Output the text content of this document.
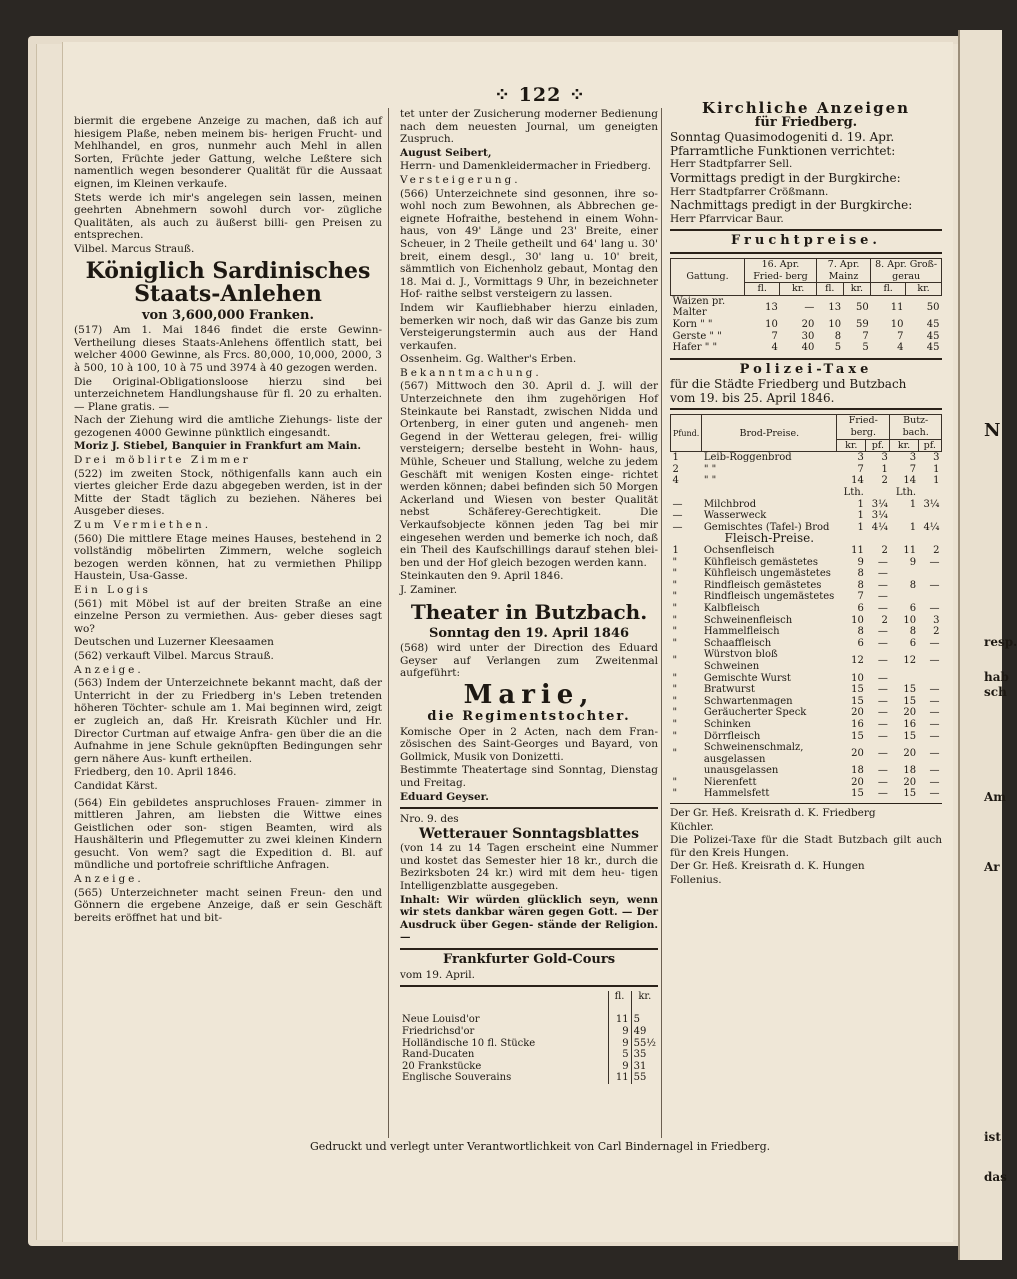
N
resp.
hab
sch
Am
Ar
ist
das
⁘ 122 ⁘

biermit die ergebene Anzeige zu machen, daß ich auf hiesigem Plaße, neben meinem bis- herigen Frucht- und Mehlhandel, en gros, nunmehr auch Mehl in allen Sorten, Früchte jeder Gattung, welche Leßtere sich namentlich wegen besonderer Qualität für die Aussaat eignen, im Kleinen verkaufe.

Stets werde ich mir's angelegen sein lassen, meinen geehrten Abnehmern sowohl durch vor- zügliche Qualitäten, als auch zu äußerst billi- gen Preisen zu entsprechen.

Vilbel. Marcus Strauß.

Königlich Sardinisches Staats-Anlehen
von 3,600,000 Franken.

(517) Am 1. Mai 1846 findet die erste Gewinn-Vertheilung dieses Staats-Anlehens öffentlich statt, bei welcher 4000 Gewinne, als Frcs. 80,000, 10,000, 2000, 3 à 500, 10 à 100, 10 à 75 und 3974 à 40 gezogen werden.

Die Original-Obligationsloose hierzu sind bei unterzeichnetem Handlungshause für fl. 20 zu erhalten. — Plane gratis. —

Nach der Ziehung wird die amtliche Ziehungs- liste der gezogenen 4000 Gewinne pünktlich eingesandt.

Moriz J. Stiebel, Banquier in Frankfurt am Main.

Drei möblirte Zimmer

(522) im zweiten Stock, nöthigenfalls kann auch ein viertes gleicher Erde dazu abgegeben werden, ist in der Mitte der Stadt täglich zu beziehen. Näheres bei Ausgeber dieses.

Zum Vermiethen.

(560) Die mittlere Etage meines Hauses, bestehend in 2 vollständig möbelirten Zimmern, welche sogleich bezogen werden können, hat zu vermiethen Philipp Haustein, Usa-Gasse.

Ein Logis

(561) mit Möbel ist auf der breiten Straße an eine einzelne Person zu vermiethen. Aus- geber dieses sagt wo?

Deutschen und Luzerner Kleesaamen

(562) verkauft Vilbel. Marcus Strauß.

Anzeige.

(563) Indem der Unterzeichnete bekannt macht, daß der Unterricht in der zu Friedberg in's Leben tretenden höheren Töchter- schule am 1. Mai beginnen wird, zeigt er zugleich an, daß Hr. Kreisrath Küchler und Hr. Director Curtman auf etwaige Anfra- gen über die an die Aufnahme in jene Schule geknüpften Bedingungen sehr gern nähere Aus- kunft ertheilen.

Friedberg, den 10. April 1846.

Candidat Kärst.

(564) Ein gebildetes anspruchloses Frauen- zimmer in mittleren Jahren, am liebsten die Wittwe eines Geistlichen oder son- stigen Beamten, wird als Haushälterin und Pflegemutter zu zwei kleinen Kindern gesucht. Von wem? sagt die Expedition d. Bl. auf mündliche und portofreie schriftliche Anfragen.

Anzeige.

(565) Unterzeichneter macht seinen Freun- den und Gönnern die ergebene Anzeige, daß er sein Geschäft bereits eröffnet hat und bit-

tet unter der Zusicherung moderner Bedienung nach dem neuesten Journal, um geneigten Zuspruch.

August Seibert,

Herrn- und Damenkleidermacher in Friedberg.

Versteigerung.

(566) Unterzeichnete sind gesonnen, ihre so- wohl noch zum Bewohnen, als Abbrechen ge- eignete Hofraithe, bestehend in einem Wohn- haus, von 49' Länge und 23' Breite, einer Scheuer, in 2 Theile getheilt und 64' lang u. 30' breit, einem desgl., 30' lang u. 10' breit, sämmtlich von Eichenholz gebaut, Montag den 18. Mai d. J., Vormittags 9 Uhr, in bezeichneter Hof- raithe selbst versteigern zu lassen.

Indem wir Kaufliebhaber hierzu einladen, bemerken wir noch, daß wir das Ganze bis zum Versteigerungstermin auch aus der Hand verkaufen.

Ossenheim. Gg. Walther's Erben.

Bekanntmachung.

(567) Mittwoch den 30. April d. J. will der Unterzeichnete den ihm zugehörigen Hof Steinkaute bei Ranstadt, zwischen Nidda und Ortenberg, in einer guten und angeneh- men Gegend in der Wetterau gelegen, frei- willig versteigern; derselbe besteht in Wohn- haus, Mühle, Scheuer und Stallung, welche zu jedem Geschäft mit wenigen Kosten einge- richtet werden können; dabei befinden sich 50 Morgen Ackerland und Wiesen von bester Qualität nebst Schäferey-Gerechtigkeit. Die Verkaufsobjecte können jeden Tag bei mir eingesehen werden und bemerke ich noch, daß ein Theil des Kaufschillings darauf stehen blei- ben und der Hof gleich bezogen werden kann.

Steinkauten den 9. April 1846.

J. Zaminer.

Theater in Butzbach.
Sonntag den 19. April 1846

(568) wird unter der Direction des Eduard Geyser auf Verlangen zum Zweitenmal aufgeführt:

Marie,
die Regimentstochter.

Komische Oper in 2 Acten, nach dem Fran- zösischen des Saint-Georges und Bayard, von Gollmick, Musik von Donizetti.

Bestimmte Theatertage sind Sonntag, Dienstag und Freitag.

Eduard Geyser.

Nro. 9. des

Wetterauer Sonntagsblattes

(von 14 zu 14 Tagen erscheint eine Nummer und kostet das Semester hier 18 kr., durch die Bezirksboten 24 kr.) wird mit dem heu- tigen Intelligenzblatte ausgegeben.

Inhalt: Wir würden glücklich seyn, wenn wir stets dankbar wären gegen Gott. — Der Ausdruck über Gegen- stände der Religion. —

Frankfurter Gold-Cours

vom 19. April.

	fl.	kr.

Neue Louisd'or	11	5
Friedrichsd'or	9	49
Holländische 10 fl. Stücke	9	55½
Rand-Ducaten	5	35
20 Frankstücke	9	31
Englische Souverains	11	55
Kirchliche Anzeigen
für Friedberg.

Sonntag Quasimodogeniti d. 19. Apr.

Pfarramtliche Funktionen verrichtet:

Herr Stadtpfarrer Sell.

Vormittags predigt in der Burgkirche:

Herr Stadtpfarrer Crößmann.

Nachmittags predigt in der Burgkirche:

Herr Pfarrvicar Baur.

Fruchtpreise.
Gattung.	16. Apr. Fried- berg		7. Apr. Mainz		8. Apr. Groß- gerau	
	fl.	kr.	fl.	kr.	fl.	kr.
Waizen pr. Malter	13	—	13	50	11	50
Korn " "	10	20	10	59	10	45
Gerste " "	7	30	8	7	7	45
Hafer " "	4	40	5	5	4	45
Polizei-Taxe

für die Städte Friedberg und Butzbach

vom 19. bis 25. April 1846.

Pfund.	Brod-Preise.	Fried- berg.		Butz- bach.	
		kr.	pf.	kr.	pf.
1	Leib-Roggenbrod	3	3	3	3
2	" "	7	1	7	1
4	" "	14	2	14	1
		Lth.		Lth.	
—	Milchbrod	1	3¼	1	3¼
—	Wasserweck	1	3¼		
—	Gemischtes (Tafel-) Brod	1	4¼	1	4¼
	Fleisch-Preise.				
1	Ochsenfleisch	11	2	11	2
"	Kühfleisch gemästetes	9	—	9	—
"	Kühfleisch ungemästetes	8	—		
"	Rindfleisch gemästetes	8	—	8	—
"	Rindfleisch ungemästetes	7	—		
"	Kalbfleisch	6	—	6	—
"	Schweinenfleisch	10	2	10	3
"	Hammelfleisch	8	—	8	2
"	Schaaffleisch	6	—	6	—
"	Würstvon bloß Schweinen	12	—	12	—
"	Gemischte Wurst	10	—		
"	Bratwurst	15	—	15	—
"	Schwartenmagen	15	—	15	—
"	Geräucherter Speck	20	—	20	—
"	Schinken	16	—	16	—
"	Dörrfleisch	15	—	15	—
"	Schweinenschmalz, ausgelassen	20	—	20	—
	unausgelassen	18	—	18	—
"	Nierenfett	20	—	20	—
"	Hammelsfett	15	—	15	—

Der Gr. Heß. Kreisrath d. K. Friedberg

Küchler.

Die Polizei-Taxe für die Stadt Butzbach gilt auch für den Kreis Hungen.

Der Gr. Heß. Kreisrath d. K. Hungen

Follenius.

Gedruckt und verlegt unter Verantwortlichkeit von Carl Bindernagel in Friedberg.
